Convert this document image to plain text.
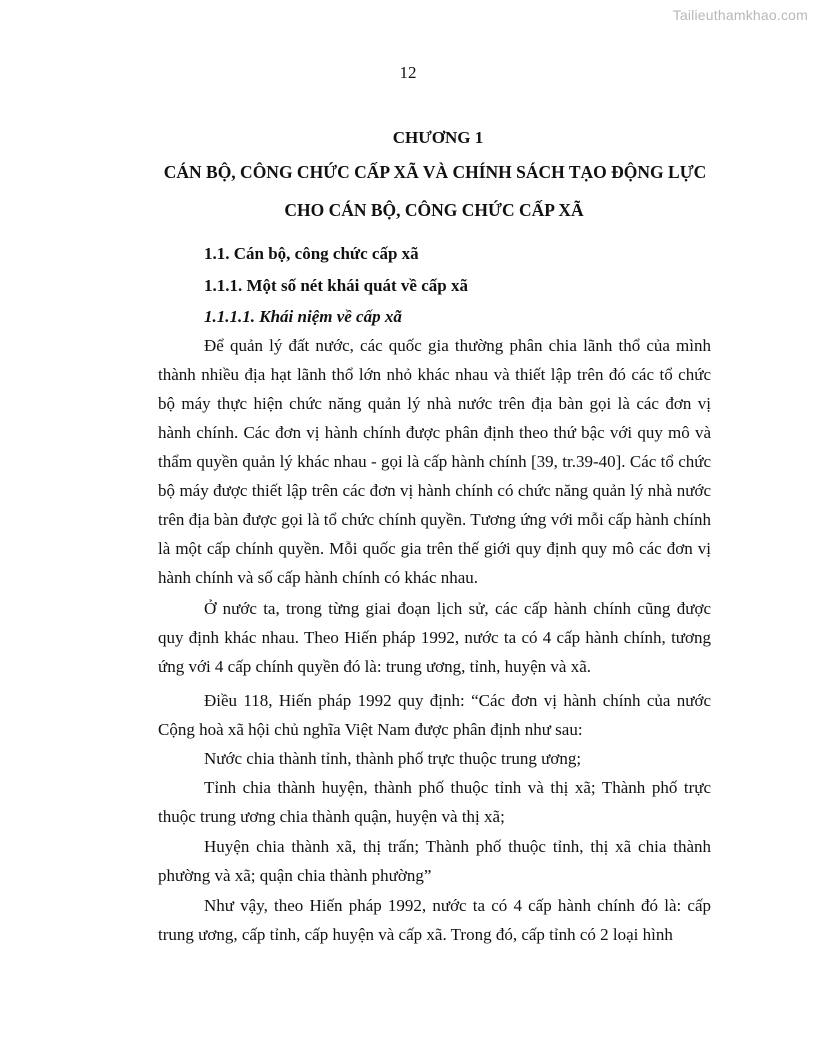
Tailieuthamkhao.com
12
CHƯƠNG 1
CÁN BỘ, CÔNG CHỨC CẤP XÃ VÀ CHÍNH SÁCH TẠO ĐỘNG LỰC
CHO CÁN BỘ, CÔNG CHỨC CẤP XÃ
1.1. Cán bộ, công chức cấp xã
1.1.1. Một số nét khái quát về cấp xã
1.1.1.1. Khái niệm về cấp xã

Để quản lý đất nước, các quốc gia thường phân chia lãnh thổ của mình thành nhiều địa hạt lãnh thổ lớn nhỏ khác nhau và thiết lập trên đó các tổ chức bộ máy thực hiện chức năng quản lý nhà nước trên địa bàn gọi là các đơn vị hành chính. Các đơn vị hành chính được phân định theo thứ bậc với quy mô và thẩm quyền quản lý khác nhau - gọi là cấp hành chính [39, tr.39-40]. Các tổ chức bộ máy được thiết lập trên các đơn vị hành chính có chức năng quản lý nhà nước trên địa bàn được gọi là tổ chức chính quyền. Tương ứng với mỗi cấp hành chính là một cấp chính quyền. Mỗi quốc gia trên thế giới quy định quy mô các đơn vị hành chính và số cấp hành chính có khác nhau.

Ở nước ta, trong từng giai đoạn lịch sử, các cấp hành chính cũng được quy định khác nhau. Theo Hiến pháp 1992, nước ta có 4 cấp hành chính, tương ứng với 4 cấp chính quyền đó là: trung ương, tỉnh, huyện và xã.

Điều 118, Hiến pháp 1992 quy định: “Các đơn vị hành chính của nước Cộng hoà xã hội chủ nghĩa Việt Nam được phân định như sau:

Nước chia thành tỉnh, thành phố trực thuộc trung ương;

Tỉnh chia thành huyện, thành phố thuộc tỉnh và thị xã; Thành phố trực thuộc trung ương chia thành quận, huyện và thị xã;

Huyện chia thành xã, thị trấn; Thành phố thuộc tỉnh, thị xã chia thành phường và xã; quận chia thành phường”

Như vậy, theo Hiến pháp 1992, nước ta có 4 cấp hành chính đó là: cấp trung ương, cấp tỉnh, cấp huyện và cấp xã. Trong đó, cấp tỉnh có 2 loại hình
